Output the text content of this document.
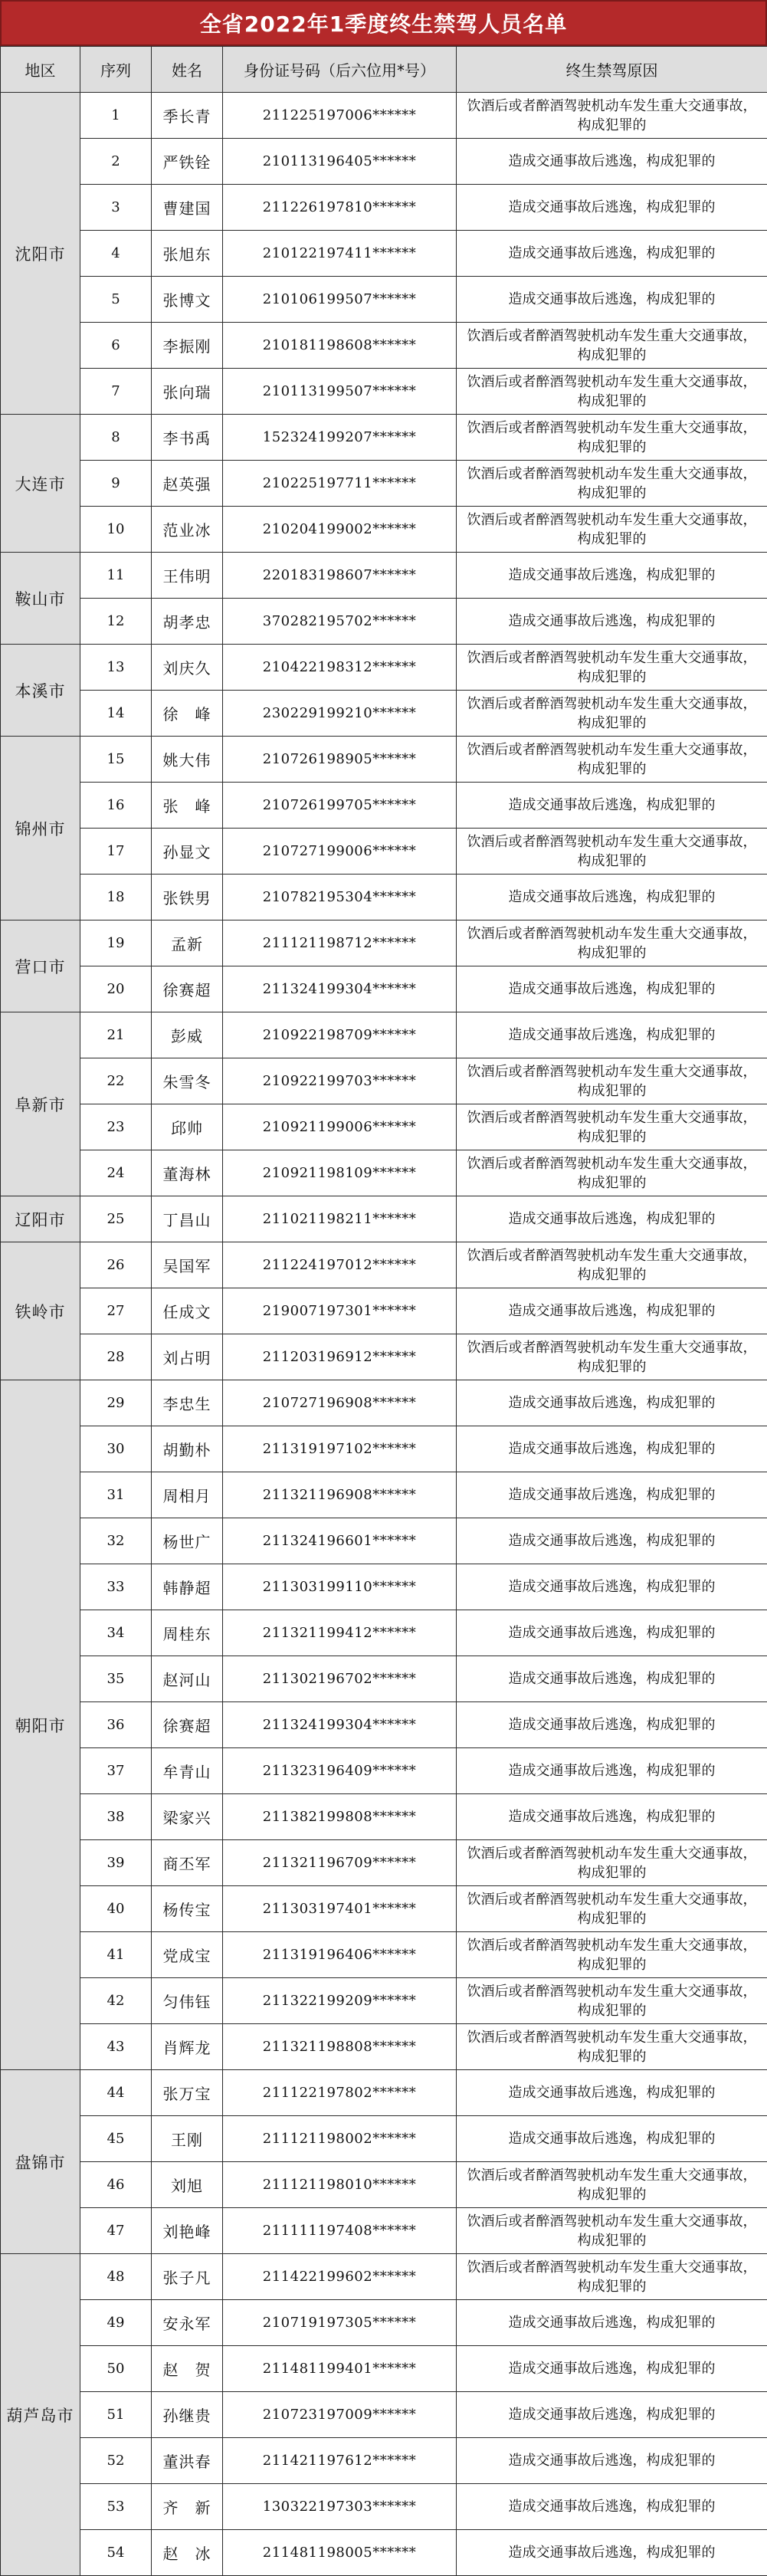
全省2022年1季度终生禁驾人员名单
地区	序列	姓名	身份证号码（后六位用*号）	终生禁驾原因
沈阳市	1	季长青	211225197006******	饮酒后或者醉酒驾驶机动车发生重大交通事故，构成犯罪的
	2	严铁铨	210113196405******	造成交通事故后逃逸，构成犯罪的
	3	曹建国	211226197810******	造成交通事故后逃逸，构成犯罪的
	4	张旭东	210122197411******	造成交通事故后逃逸，构成犯罪的
	5	张博文	210106199507******	造成交通事故后逃逸，构成犯罪的
	6	李振刚	210181198608******	饮酒后或者醉酒驾驶机动车发生重大交通事故，构成犯罪的
	7	张向瑞	210113199507******	饮酒后或者醉酒驾驶机动车发生重大交通事故，构成犯罪的
大连市	8	李书禹	152324199207******	饮酒后或者醉酒驾驶机动车发生重大交通事故，构成犯罪的
	9	赵英强	210225197711******	饮酒后或者醉酒驾驶机动车发生重大交通事故，构成犯罪的
	10	范业冰	210204199002******	饮酒后或者醉酒驾驶机动车发生重大交通事故，构成犯罪的
鞍山市	11	王伟明	220183198607******	造成交通事故后逃逸，构成犯罪的
	12	胡孝忠	370282195702******	造成交通事故后逃逸，构成犯罪的
本溪市	13	刘庆久	210422198312******	饮酒后或者醉酒驾驶机动车发生重大交通事故，构成犯罪的
	14	徐　峰	230229199210******	饮酒后或者醉酒驾驶机动车发生重大交通事故，构成犯罪的
锦州市	15	姚大伟	210726198905******	饮酒后或者醉酒驾驶机动车发生重大交通事故，构成犯罪的
	16	张　峰	210726199705******	造成交通事故后逃逸，构成犯罪的
	17	孙显文	210727199006******	饮酒后或者醉酒驾驶机动车发生重大交通事故，构成犯罪的
	18	张铁男	210782195304******	造成交通事故后逃逸，构成犯罪的
营口市	19	孟新	211121198712******	饮酒后或者醉酒驾驶机动车发生重大交通事故，构成犯罪的
	20	徐赛超	211324199304******	造成交通事故后逃逸，构成犯罪的
阜新市	21	彭威	210922198709******	造成交通事故后逃逸，构成犯罪的
	22	朱雪冬	210922199703******	饮酒后或者醉酒驾驶机动车发生重大交通事故，构成犯罪的
	23	邱帅	210921199006******	饮酒后或者醉酒驾驶机动车发生重大交通事故，构成犯罪的
	24	董海林	210921198109******	饮酒后或者醉酒驾驶机动车发生重大交通事故，构成犯罪的
辽阳市	25	丁昌山	211021198211******	造成交通事故后逃逸，构成犯罪的
铁岭市	26	吴国军	211224197012******	饮酒后或者醉酒驾驶机动车发生重大交通事故，构成犯罪的
	27	任成文	219007197301******	造成交通事故后逃逸，构成犯罪的
	28	刘占明	211203196912******	饮酒后或者醉酒驾驶机动车发生重大交通事故，构成犯罪的
朝阳市	29	李忠生	210727196908******	造成交通事故后逃逸，构成犯罪的
	30	胡勤朴	211319197102******	造成交通事故后逃逸，构成犯罪的
	31	周相月	211321196908******	造成交通事故后逃逸，构成犯罪的
	32	杨世广	211324196601******	造成交通事故后逃逸，构成犯罪的
	33	韩静超	211303199110******	造成交通事故后逃逸，构成犯罪的
	34	周桂东	211321199412******	造成交通事故后逃逸，构成犯罪的
	35	赵河山	211302196702******	造成交通事故后逃逸，构成犯罪的
	36	徐赛超	211324199304******	造成交通事故后逃逸，构成犯罪的
	37	牟青山	211323196409******	造成交通事故后逃逸，构成犯罪的
	38	梁家兴	211382199808******	造成交通事故后逃逸，构成犯罪的
	39	商丕军	211321196709******	饮酒后或者醉酒驾驶机动车发生重大交通事故，构成犯罪的
	40	杨传宝	211303197401******	饮酒后或者醉酒驾驶机动车发生重大交通事故，构成犯罪的
	41	党成宝	211319196406******	饮酒后或者醉酒驾驶机动车发生重大交通事故，构成犯罪的
	42	匀伟钰	211322199209******	饮酒后或者醉酒驾驶机动车发生重大交通事故，构成犯罪的
	43	肖辉龙	211321198808******	饮酒后或者醉酒驾驶机动车发生重大交通事故，构成犯罪的
盘锦市	44	张万宝	211122197802******	造成交通事故后逃逸，构成犯罪的
	45	王刚	211121198002******	造成交通事故后逃逸，构成犯罪的
	46	刘旭	211121198010******	饮酒后或者醉酒驾驶机动车发生重大交通事故，构成犯罪的
	47	刘艳峰	211111197408******	饮酒后或者醉酒驾驶机动车发生重大交通事故，构成犯罪的
葫芦岛市	48	张子凡	211422199602******	饮酒后或者醉酒驾驶机动车发生重大交通事故，构成犯罪的
	49	安永军	210719197305******	造成交通事故后逃逸，构成犯罪的
	50	赵　贺	211481199401******	造成交通事故后逃逸，构成犯罪的
	51	孙继贵	210723197009******	造成交通事故后逃逸，构成犯罪的
	52	董洪春	211421197612******	造成交通事故后逃逸，构成犯罪的
	53	齐　新	130322197303******	造成交通事故后逃逸，构成犯罪的
	54	赵　冰	211481198005******	造成交通事故后逃逸，构成犯罪的
